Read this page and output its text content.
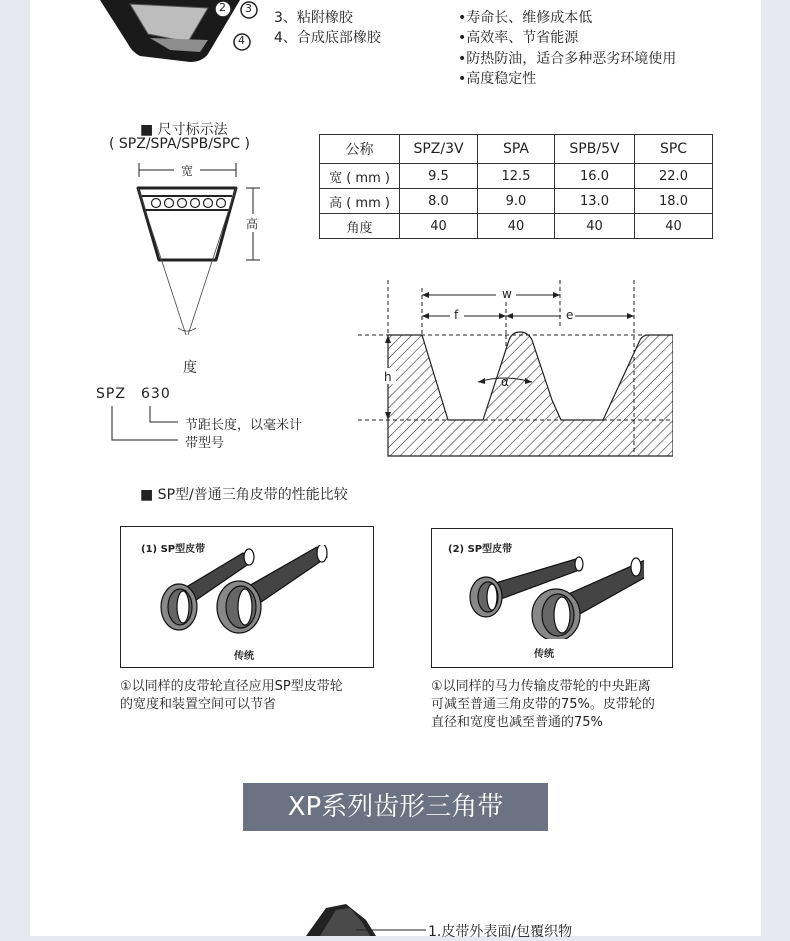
2 3
4
3、粘附橡胶
4、合成底部橡胶
•寿命长、维修成本低
•高效率、节省能源
•防热防油，适合多种恶劣环境使用
•高度稳定性
■ 尺寸标示法
( SPZ/SPA/SPB/SPC )
宽
高
度
SPZ 630
节距长度，以毫米计
带型号
公称	SPZ/3V	SPA	SPB/5V	SPC
宽 ( mm )	9.5	12.5	16.0	22.0
高 ( mm )	8.0	9.0	13.0	18.0
角度	40	40	40	40
w
f	e
h	α
■ SP型/普通三角皮带的性能比较
(1) SP型皮带
传统
①以同样的皮带轮直径应用SP型皮带轮
的宽度和装置空间可以节省
(2) SP型皮带
传统
①以同样的马力传输皮带轮的中央距离
可减至普通三角皮带的75%。皮带轮的
直径和宽度也减至普通的75%
XP系列齿形三角带
1.皮带外表面/包覆织物
